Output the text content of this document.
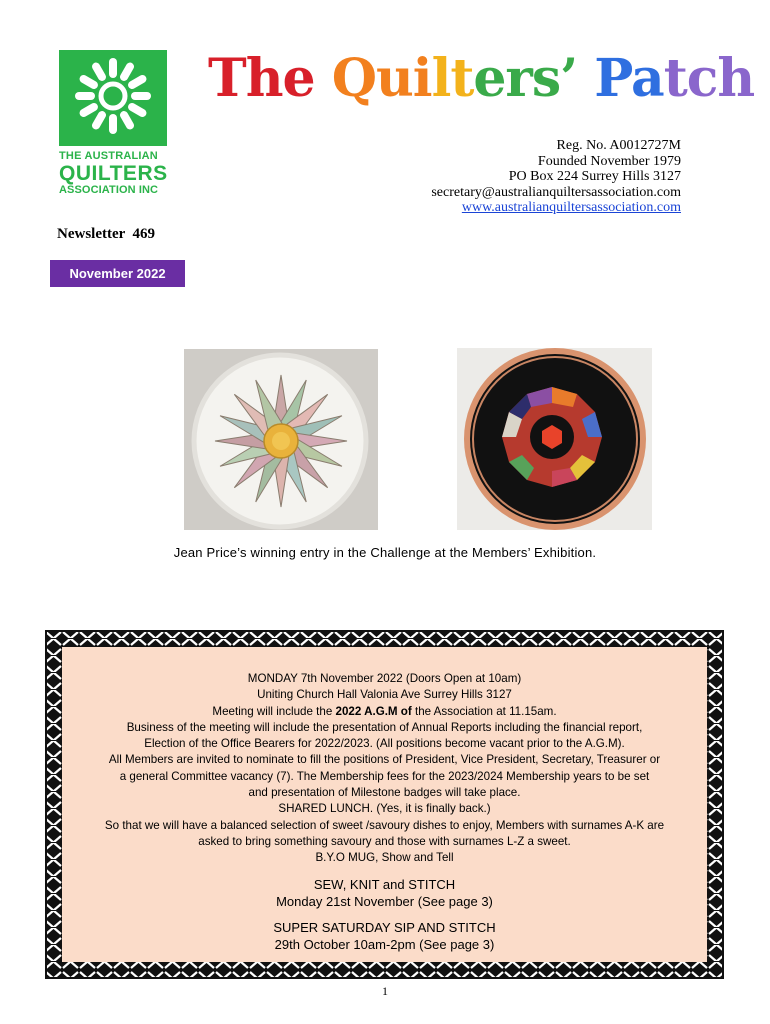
THE AUSTRALIAN
QUILTERS
ASSOCIATION INC
The Quilters’ Patch
Reg. No. A0012727M
Founded November 1979
PO Box 224 Surrey Hills 3127
secretary@australianquiltersassociation.com
www.australianquiltersassociation.com
Newsletter  469
November 2022
Jean Price’s winning entry in the Challenge at the Members’ Exhibition.

MONDAY 7th November 2022 (Doors Open at 10am)

Uniting Church Hall Valonia Ave Surrey Hills 3127

Meeting will include the 2022 A.G.M of the Association at 11.15am.

Business of the meeting will include the presentation of Annual Reports including the financial report,

Election of the Office Bearers for 2022/2023. (All positions become vacant prior to the A.G.M).

All Members are invited to nominate to fill the positions of President, Vice President, Secretary, Treasurer or

a general Committee vacancy (7). The Membership fees for the 2023/2024 Membership years to be set

and presentation of Milestone badges will take place.

SHARED LUNCH. (Yes, it is finally back.)

So that we will have a balanced selection of sweet /savoury dishes to enjoy, Members with surnames A-K are

asked to bring something savoury and those with surnames L-Z a sweet.

B.Y.O MUG, Show and Tell

SEW, KNIT and STITCH

Monday 21st November (See page 3)

SUPER SATURDAY SIP AND STITCH

29th October 10am-2pm (See page 3)

1
